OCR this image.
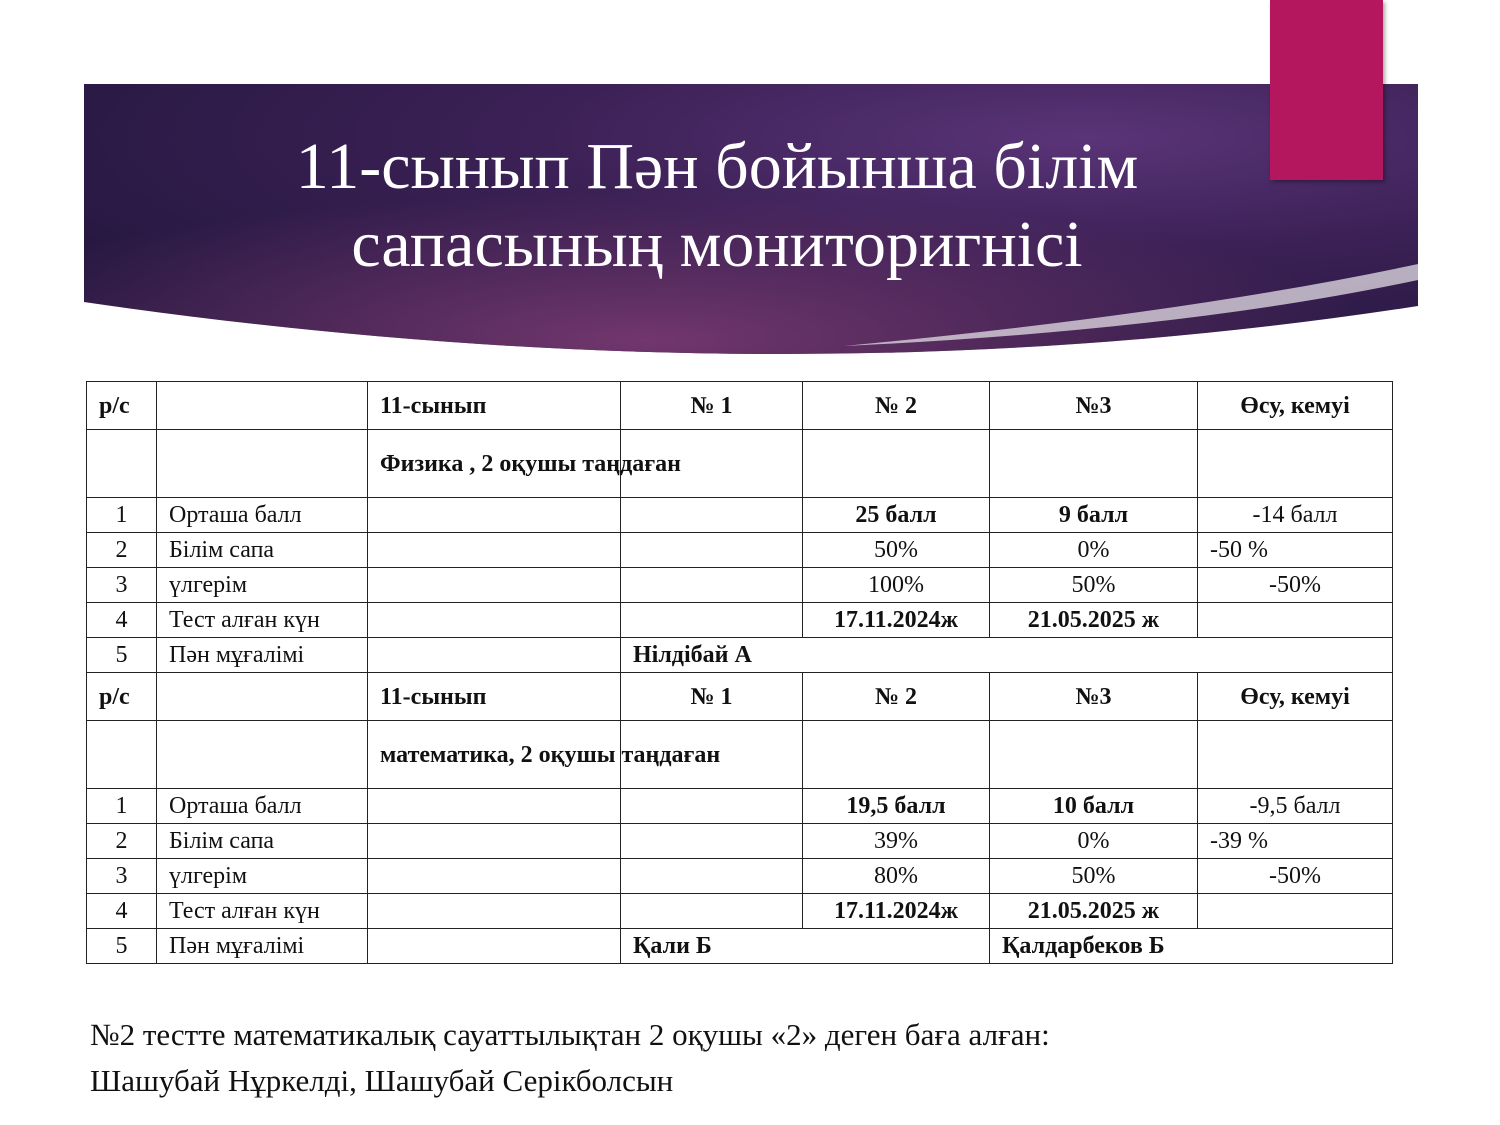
11-сынып Пән бойынша білім
сапасының мониторигнісі
р/с		11-сынып	№ 1	№ 2	№3	Өсу, кемуі
		Физика , 2 оқушы таңдаған				
1	Орташа балл			25 балл	9 балл	-14 балл
2	Білім сапа			50%	0%	-50 %
3	үлгерім			100%	50%	-50%
4	Тест алған күн			17.11.2024ж	21.05.2025 ж	
5	Пән мұғалімі		Нілдібай А			
р/с		11-сынып	№ 1	№ 2	№3	Өсу, кемуі
		математика, 2 оқушы таңдаған				
1	Орташа балл			19,5 балл	10 балл	-9,5 балл
2	Білім сапа			39%	0%	-39 %
3	үлгерім			80%	50%	-50%
4	Тест алған күн			17.11.2024ж	21.05.2025 ж	
5	Пән мұғалімі		Қали Б		Қалдарбеков Б	
№2 тестте математикалық сауаттылықтан 2 оқушы «2» деген баға алған:
Шашубай Нұркелді, Шашубай Серікболсын
